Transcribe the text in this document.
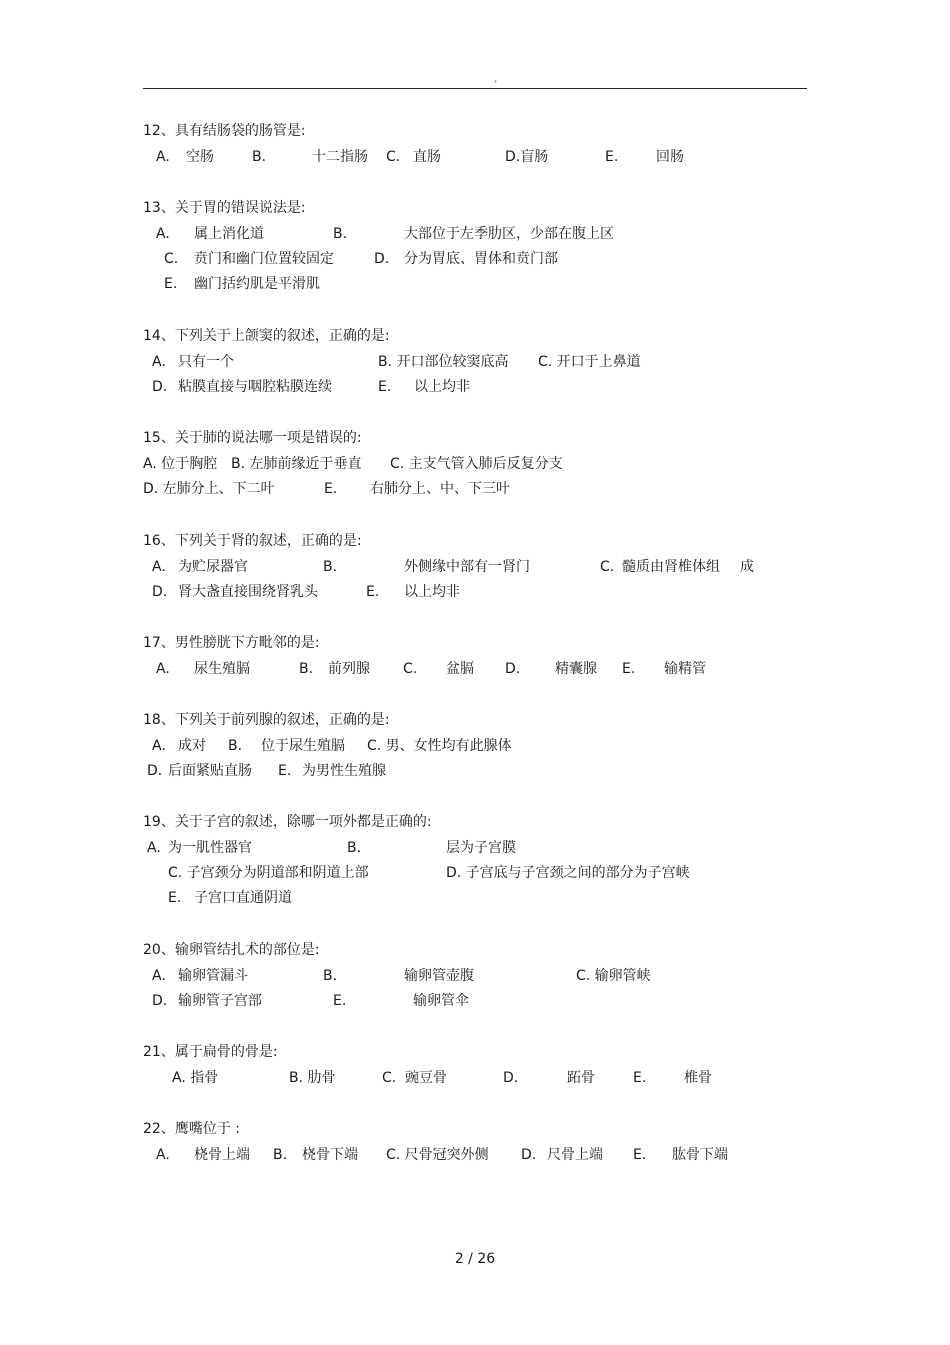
.
12、具有结肠袋的肠管是:
A. 空肠	B.	十二指肠 C. 直肠	D.盲肠	E.	回肠
13、关于胃的错误说法是:
A. 属上消化道	B.	大部位于左季肋区，少部在腹上区
C. 贲门和幽门位置较固定	D. 分为胃底、胃体和贲门部
E. 幽门括约肌是平滑肌
14、下列关于上颌窦的叙述，正确的是:
A. 只有一个	B. 开口部位较窦底高 C. 开口于上鼻道
D. 粘膜直接与咽腔粘膜连续	E. 以上均非
15、关于肺的说法哪一项是错误的:
A. 位于胸腔 B. 左肺前缘近于垂直 C. 主支气管入肺后反复分支
D. 左肺分上、下二叶	E. 右肺分上、中、下三叶
16、下列关于肾的叙述，正确的是:
A. 为贮尿器官	B.	外侧缘中部有一肾门	C. 髓质由肾椎体组 成
D. 肾大盏直接围绕肾乳头	E. 以上均非
17、男性膀胱下方毗邻的是:
A. 尿生殖膈	B. 前列腺 C. 盆膈 D. 精囊腺 E. 输精管
18、下列关于前列腺的叙述，正确的是:
A. 成对 B. 位于尿生殖膈 C. 男、女性均有此腺体
D. 后面紧贴直肠 E. 为男性生殖腺
19、关于子宫的叙述，除哪一项外都是正确的:
A. 为一肌性器官	B.	层为子宫膜
C. 子宫颈分为阴道部和阴道上部	D. 子宫底与子宫颈之间的部分为子宫峡
E. 子宫口直通阴道
20、输卵管结扎术的部位是:
A. 输卵管漏斗	B.	输卵管壶腹	C. 输卵管峡
D. 输卵管子宫部	E.	输卵管伞
21、属于扁骨的骨是:
A. 指骨	B. 肋骨	C. 豌豆骨	D.	跖骨	E.	椎骨
22、鹰嘴位于 :
A. 桡骨上端 B. 桡骨下端 C. 尺骨冠突外侧 D. 尺骨上端 E. 肱骨下端
2 / 26
